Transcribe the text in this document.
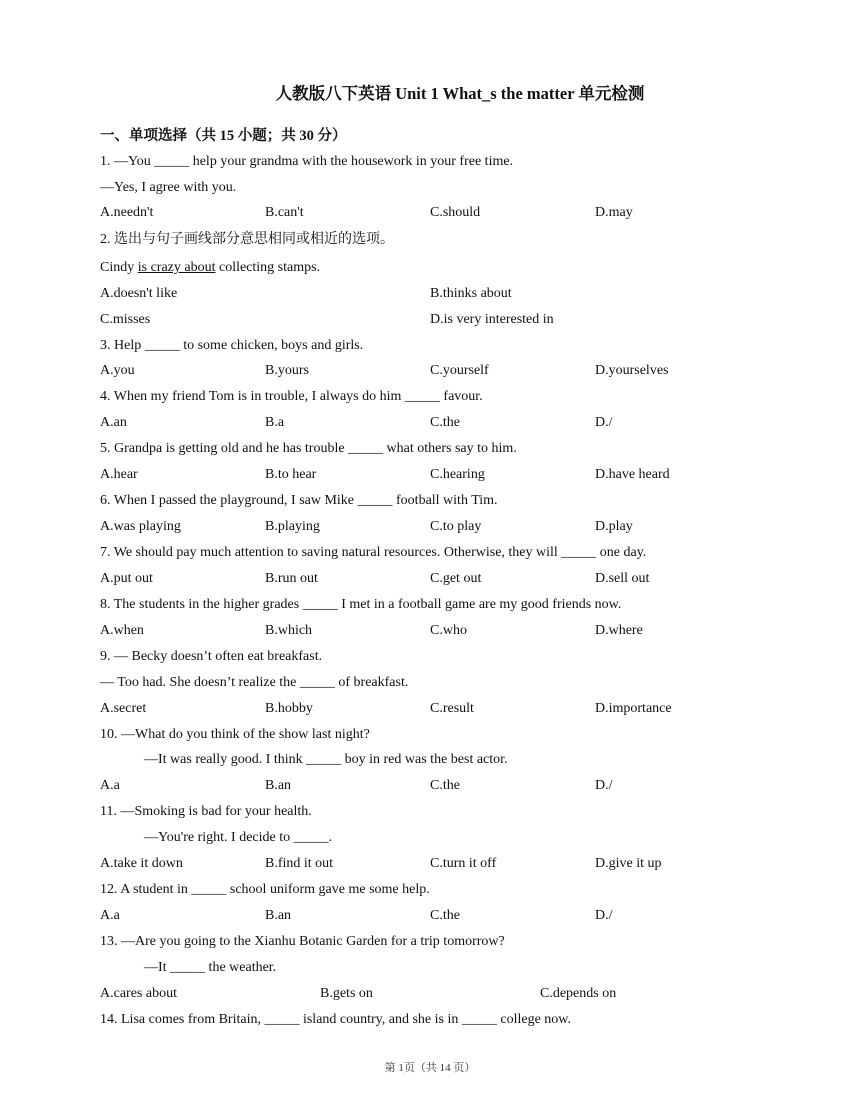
人教版八下英语 Unit 1 What_s the matter 单元检测
一、单项选择（共 15 小题；共 30 分）
1. —You _____ help your grandma with the housework in your free time.
—Yes, I agree with you.
A.needn't	B.can't	C.should	D.may
2. 选出与句子画线部分意思相同或相近的选项。
Cindy is crazy about collecting stamps.
A.doesn't like	B.thinks about
C.misses	D.is very interested in
3. Help _____ to some chicken, boys and girls.
A.you	B.yours	C.yourself	D.yourselves
4. When my friend Tom is in trouble, I always do him _____ favour.
A.an	B.a	C.the	D./
5. Grandpa is getting old and he has trouble _____ what others say to him.
A.hear	B.to hear	C.hearing	D.have heard
6. When I passed the playground, I saw Mike _____ football with Tim.
A.was playing	B.playing	C.to play	D.play
7. We should pay much attention to saving natural resources. Otherwise, they will _____ one day.
A.put out	B.run out	C.get out	D.sell out
8. The students in the higher grades _____ I met in a football game are my good friends now.
A.when	B.which	C.who	D.where
9. — Becky doesn’t often eat breakfast.
— Too had. She doesn’t realize the _____ of breakfast.
A.secret	B.hobby	C.result	D.importance
10. —What do you think of the show last night?
—It was really good. I think _____ boy in red was the best actor.
A.a	B.an	C.the	D./
11. —Smoking is bad for your health.
—You're right. I decide to _____.
A.take it down	B.find it out	C.turn it off	D.give it up
12. A student in _____ school uniform gave me some help.
A.a	B.an	C.the	D./
13. —Are you going to the Xianhu Botanic Garden for a trip tomorrow?
—It _____ the weather.
A.cares about	B.gets on	C.depends on
14. Lisa comes from Britain, _____ island country, and she is in _____ college now.
第 1页（共 14 页）
